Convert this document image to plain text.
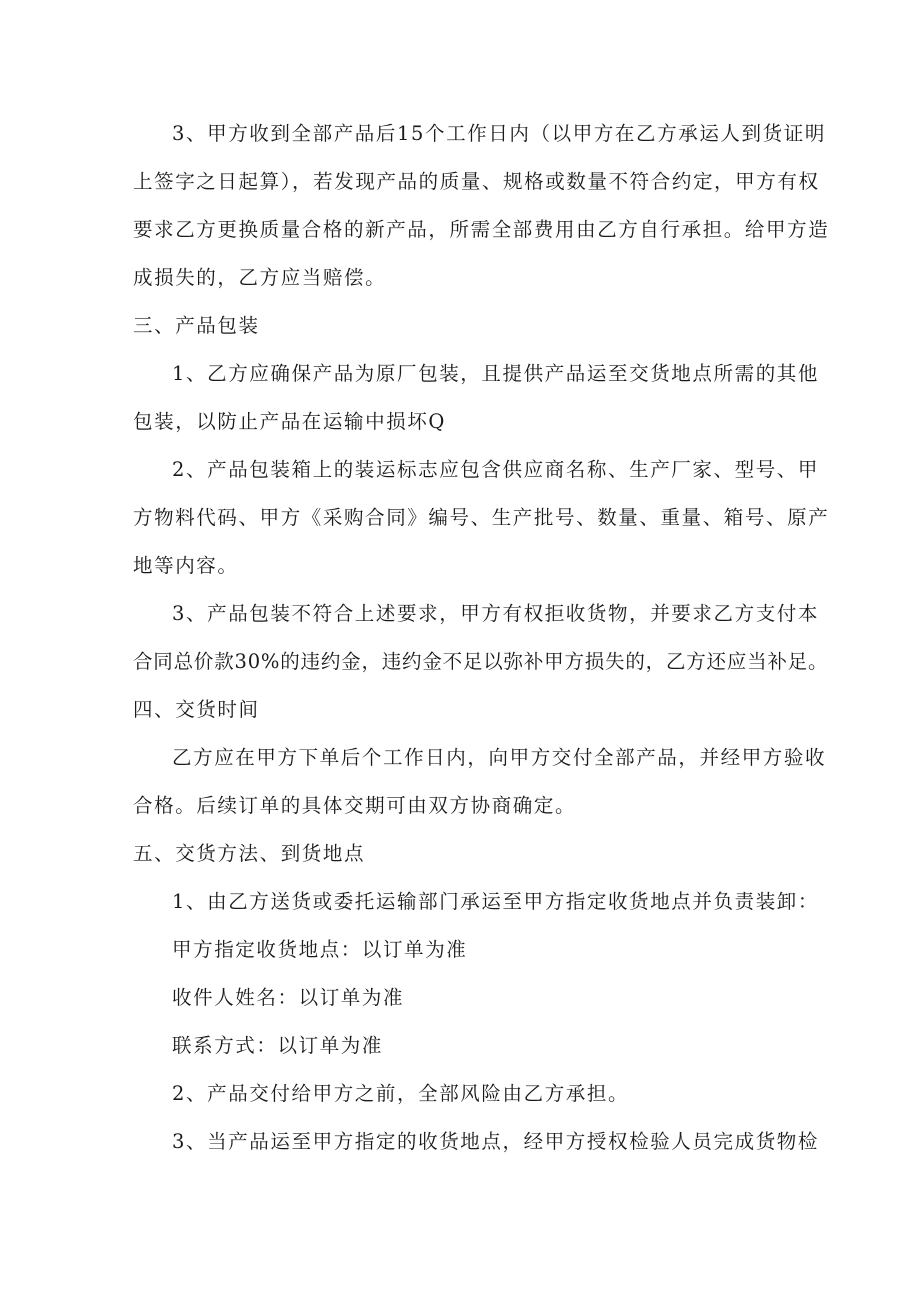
3、甲方收到全部产品后15个工作日内（以甲方在乙方承运人到货证明
上签字之日起算），若发现产品的质量、规格或数量不符合约定，甲方有权
要求乙方更换质量合格的新产品，所需全部费用由乙方自行承担。给甲方造
成损失的，乙方应当赔偿。
三、产品包装
1、乙方应确保产品为原厂包装，且提供产品运至交货地点所需的其他
包装，以防止产品在运输中损坏Q
2、产品包装箱上的装运标志应包含供应商名称、生产厂家、型号、甲
方物料代码、甲方《采购合同》编号、生产批号、数量、重量、箱号、原产
地等内容。
3、产品包装不符合上述要求，甲方有权拒收货物，并要求乙方支付本
合同总价款30%的违约金，违约金不足以弥补甲方损失的，乙方还应当补足。
四、交货时间
乙方应在甲方下单后个工作日内，向甲方交付全部产品，并经甲方验收
合格。后续订单的具体交期可由双方协商确定。
五、交货方法、到货地点
1、由乙方送货或委托运输部门承运至甲方指定收货地点并负责装卸：
甲方指定收货地点：以订单为准
收件人姓名：以订单为准
联系方式：以订单为准
2、产品交付给甲方之前，全部风险由乙方承担。
3、当产品运至甲方指定的收货地点，经甲方授权检验人员完成货物检
